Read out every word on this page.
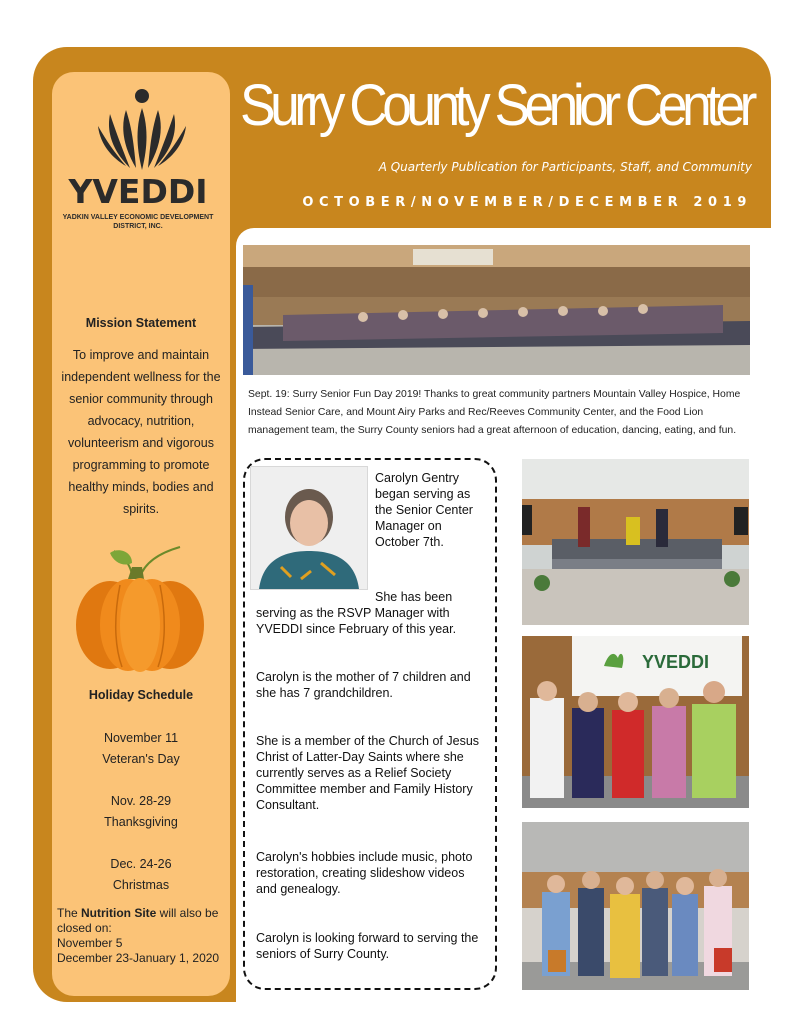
YVEDDI
YADKIN VALLEY ECONOMIC DEVELOPMENT DISTRICT, INC.
Mission Statement
To improve and maintain independent wellness for the senior community through advocacy, nutrition, volunteerism and vigorous programming to promote healthy minds, bodies and spirits.
Holiday Schedule
November 11
Veteran's Day
Nov. 28-29
Thanksgiving
Dec. 24-26
Christmas
The Nutrition Site will also be closed on:
November 5
December 23-January 1, 2020
Surry County Senior Center
A Quarterly Publication for Participants, Staff, and Community
OCTOBER/NOVEMBER/DECEMBER 2019
Sept. 19: Surry Senior Fun Day 2019! Thanks to great community partners Mountain Valley Hospice, Home Instead Senior Care, and Mount Airy Parks and Rec/Reeves Community Center, and the Food Lion management team, the Surry County seniors had a great afternoon of education, dancing, eating, and fun.
Carolyn Gentry began serving as the Senior Center Manager on October 7th.
She has been
serving as the RSVP Manager with YVEDDI since February of this year.
Carolyn is the mother of 7 children and she has 7 grandchildren.
She is a member of the Church of Jesus Christ of Latter-Day Saints where she currently serves as a Relief Society Committee member and Family History Consultant.
Carolyn's hobbies include music, photo restoration, creating slideshow videos and genealogy.
Carolyn is looking forward to serving the seniors of Surry County.
YVEDDI
